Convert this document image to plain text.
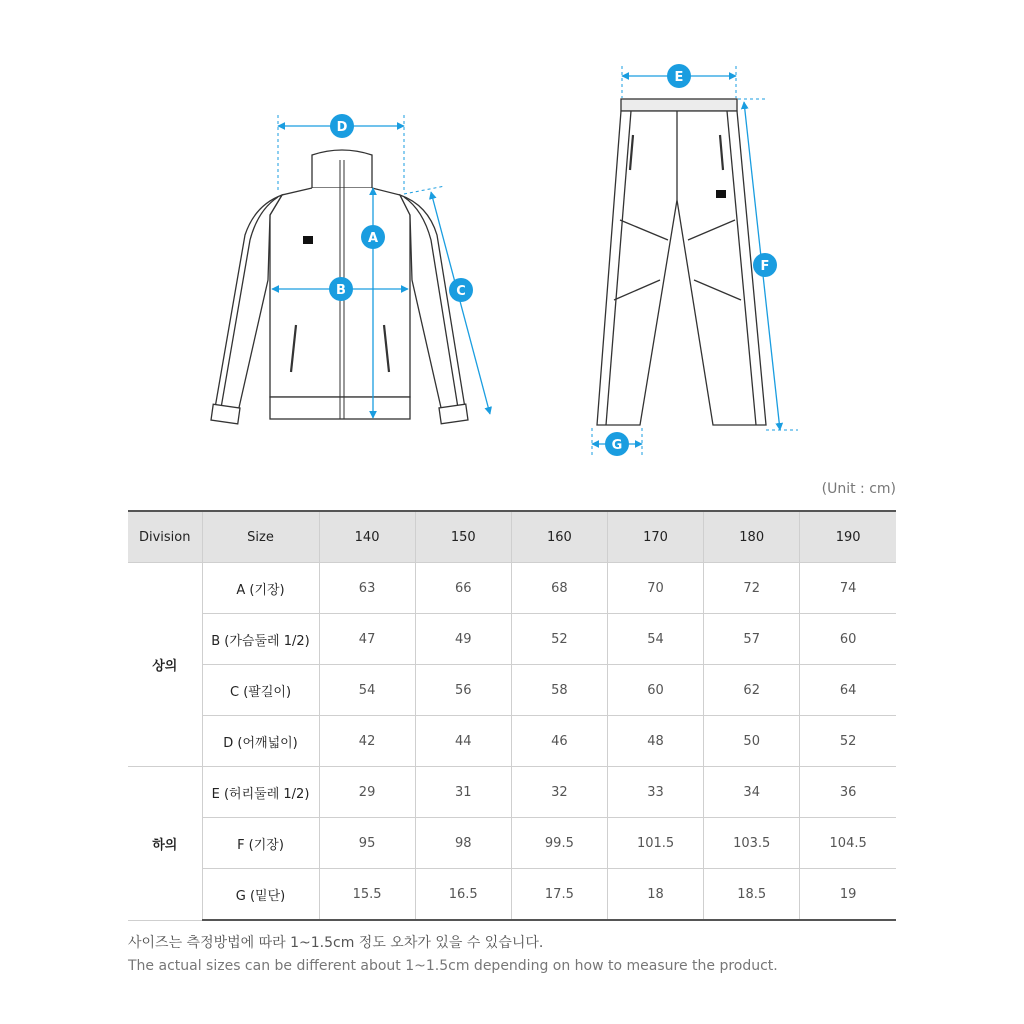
D
A
B	C
E
F
G
(Unit : cm)
Division	Size	140	150	160	170	180	190
상의	A (기장)	63	66	68	70	72	74
	B (가슴둘레 1/2)	47	49	52	54	57	60
	C (팔길이)	54	56	58	60	62	64
	D (어깨넓이)	42	44	46	48	50	52
하의	E (허리둘레 1/2)	29	31	32	33	34	36
	F (기장)	95	98	99.5	101.5	103.5	104.5
	G (밑단)	15.5	16.5	17.5	18	18.5	19
사이즈는 측정방법에 따라 1~1.5cm 정도 오차가 있을 수 있습니다.
The actual sizes can be different about 1~1.5cm depending on how to measure the product.
